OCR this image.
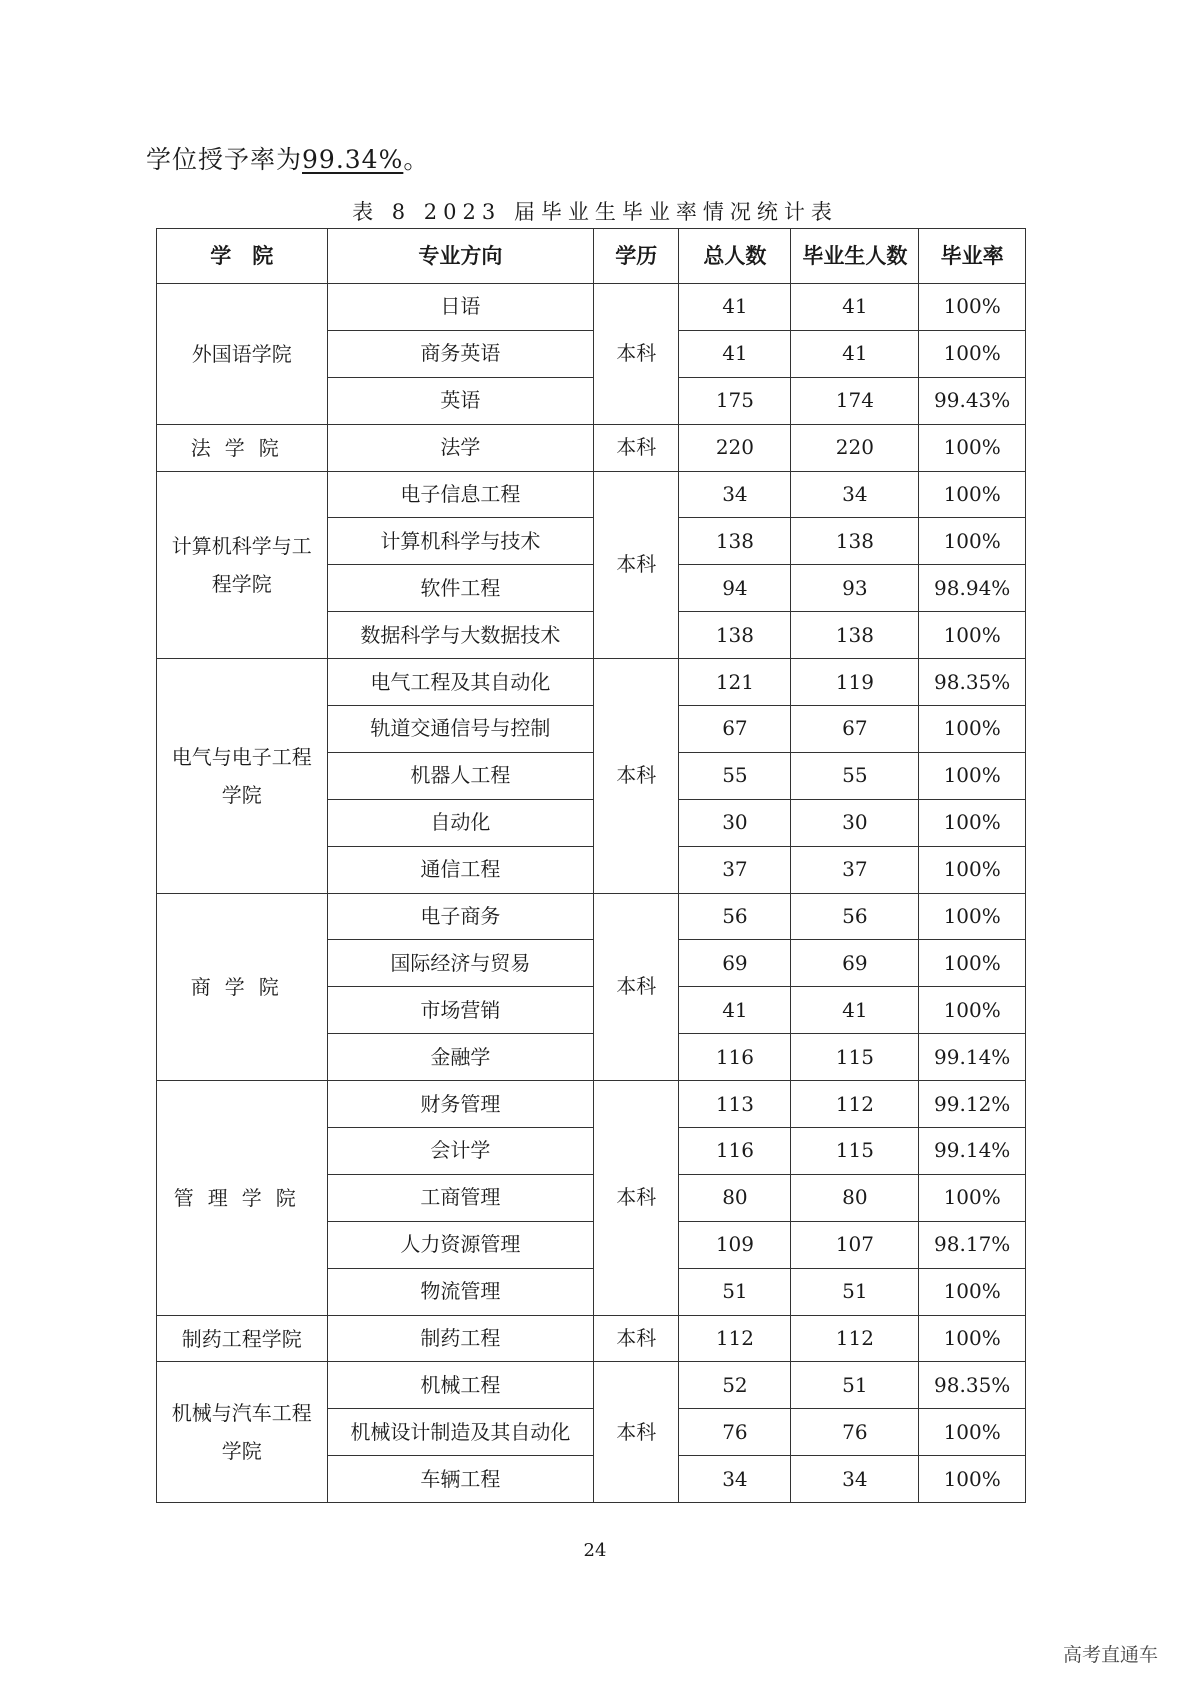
学位授予率为99.34%。
表 8 2023 届毕业生毕业率情况统计表
学　院	专业方向	学历	总人数	毕业生人数	毕业率
外国语学院	日语	本科	41	41	100%
	商务英语		41	41	100%
	英语		175	174	99.43%
法学院	法学	本科	220	220	100%
计算机科学与工程学院	电子信息工程	本科	34	34	100%
	计算机科学与技术		138	138	100%
	软件工程		94	93	98.94%
	数据科学与大数据技术		138	138	100%
电气与电子工程学院	电气工程及其自动化	本科	121	119	98.35%
	轨道交通信号与控制		67	67	100%
	机器人工程		55	55	100%
	自动化		30	30	100%
	通信工程		37	37	100%
商学院	电子商务	本科	56	56	100%
	国际经济与贸易		69	69	100%
	市场营销		41	41	100%
	金融学		116	115	99.14%
管理学院	财务管理	本科	113	112	99.12%
	会计学		116	115	99.14%
	工商管理		80	80	100%
	人力资源管理		109	107	98.17%
	物流管理		51	51	100%
制药工程学院	制药工程	本科	112	112	100%
机械与汽车工程学院	机械工程	本科	52	51	98.35%
	机械设计制造及其自动化		76	76	100%
	车辆工程		34	34	100%
24
高考直通车
